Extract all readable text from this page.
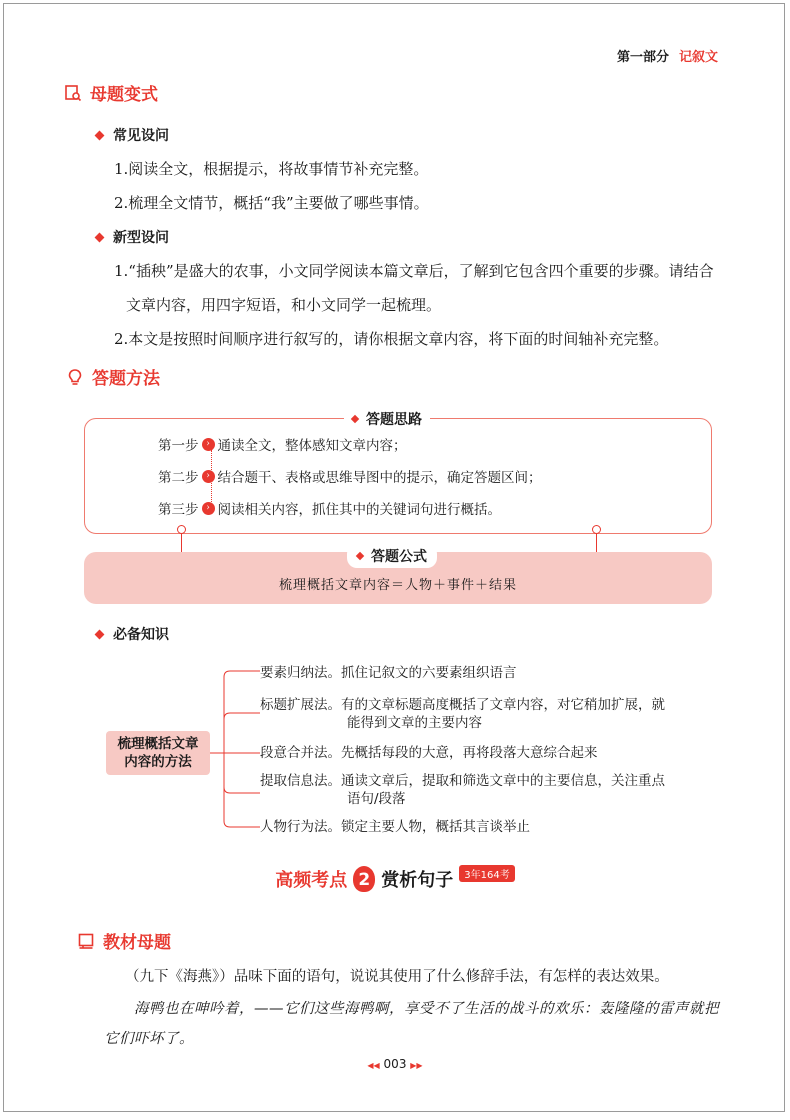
第一部分 记叙文
母题变式
常见设问
1.阅读全文，根据提示，将故事情节补充完整。
2.梳理全文情节，概括“我”主要做了哪些事情。
新型设问
1.“插秧”是盛大的农事，小文同学阅读本篇文章后，了解到它包含四个重要的步骤。请结合
文章内容，用四字短语，和小文同学一起梳理。
2.本文是按照时间顺序进行叙写的，请你根据文章内容，将下面的时间轴补充完整。
答题方法
答题思路
第一步 › 通读全文，整体感知文章内容；
第二步 › 结合题干、表格或思维导图中的提示，确定答题区间；
第三步 › 阅读相关内容，抓住其中的关键词句进行概括。
答题公式
梳理概括文章内容＝人物＋事件＋结果
必备知识
梳理概括文章
内容的方法
要素归纳法。抓住记叙文的六要素组织语言
标题扩展法。有的文章标题高度概括了文章内容，对它稍加扩展，就
能得到文章的主要内容
段意合并法。先概括每段的大意，再将段落大意综合起来
提取信息法。通读文章后，提取和筛选文章中的主要信息，关注重点
语句/段落
人物行为法。锁定主要人物，概括其言谈举止
高频考点 2 赏析句子	3年164考
教材母题
（九下《海燕》）品味下面的语句，说说其使用了什么修辞手法，有怎样的表达效果。
海鸭也在呻吟着，——它们这些海鸭啊，享受不了生活的战斗的欢乐：轰隆隆的雷声就把
它们吓坏了。
◀◀ 003 ▶▶
